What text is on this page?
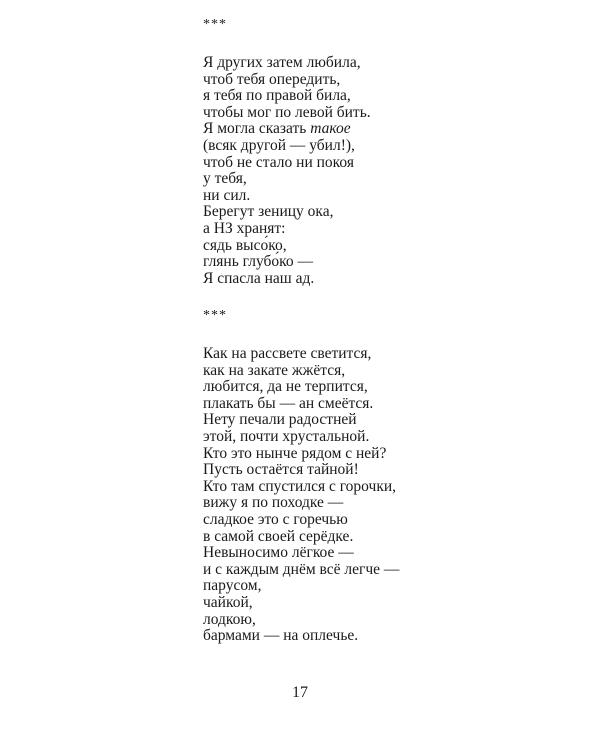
***
Я других затем любила,
чтоб тебя опередить,
я тебя по правой била,
чтобы мог по левой бить.
Я могла сказать такое
(всяк другой — убил!),
чтоб не стало ни покоя
у тебя,
ни сил.
Берегут зеницу ока,
а НЗ хранят:
сядь высо́ко,
глянь глубо́ко —
Я спасла наш ад.
***
Как на рассвете светится,
как на закате жжётся,
любится, да не терпится,
плакать бы — ан смеётся.
Нету печали радостней
этой, почти хрустальной.
Кто это нынче рядом с ней?
Пусть остаётся тайной!
Кто там спустился с горочки,
вижу я по походке —
сладкое это с горечью
в самой своей серёдке.
Невыносимо лёгкое —
и с каждым днём всё легче —
парусом,
чайкой,
лодкою,
бармами — на оплечье.
17
